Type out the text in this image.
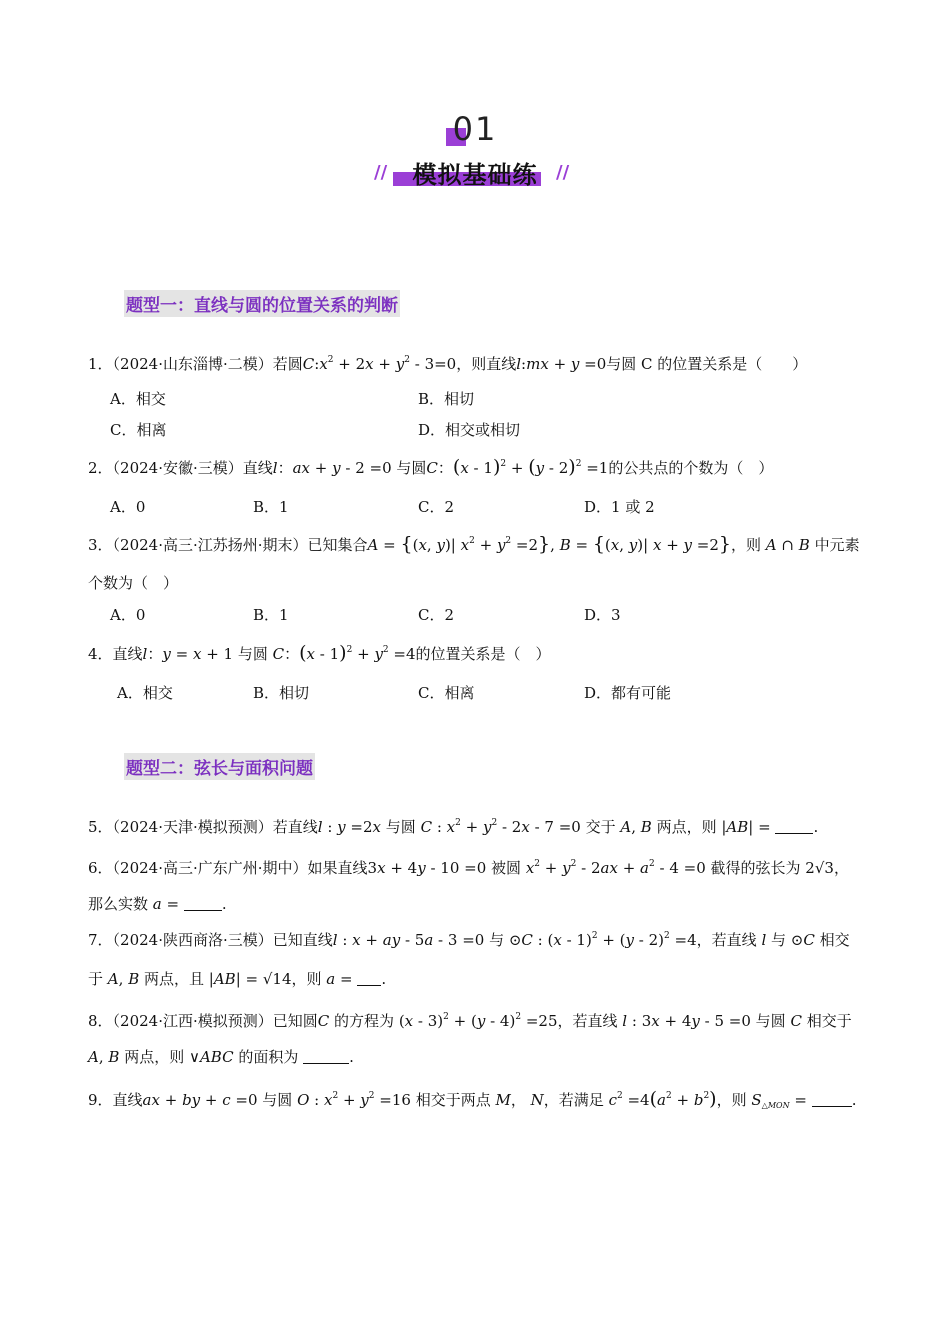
01
//	模拟基础练	//
题型一：直线与圆的位置关系的判断
1．（2024·山东淄博·二模）若圆$C:x^2 + 2x + y^2 - 3=0$，则直线l:mx + y =0与圆 C 的位置关系是（　　）
A．相交	B．相切
C．相离	D．相交或相切
2．（2024·安徽·三模）直线l：ax + y - 2 =0 与圆C：(x - 1)$^2$ + (y - 2)$^2$ =1的公共点的个数为（　）
A．0	B．1	C．2	D．1 或 2
3．（2024·高三·江苏扬州·期末）已知集合A = {(x, y)| $x^2 + y^2 =2$}, B = {(x, y)| x + y =2}，则 A ∩ B 中元素
个数为（　）
A．0	B．1	C．2	D．3
4．直线l：y = x + 1 与圆 C：$(x - 1)^2 + y^2 =4$的位置关系是（　）
A．相交	B．相切	C．相离	D．都有可能
题型二：弦长与面积问题
5．（2024·天津·模拟预测）若直线l : y =2x 与圆 C : $x^2 + y^2 - 2x - 7 =0$ 交于 A, B 两点，则 |AB| =	.
6．（2024·高三·广东广州·期中）如果直线3x + 4y - 10 =0 被圆 $x^2 + y^2 - 2ax + a^2 - 4 =0$ 截得的弦长为 2√3，
那么实数 a =	.
7．（2024·陕西商洛·三模）已知直线l : x + ay - 5a - 3 =0 与 ⊙C : (x - 1)$^2$ + (y - 2)$^2$ =4，若直线 l 与 ⊙C 相交
于 A, B 两点，且 |AB| = √14，则 a = .
8．（2024·江西·模拟预测）已知圆C 的方程为 (x - 3)$^2$ + (y - 4)$^2$ =25，若直线 l : 3x + 4y - 5 =0 与圆 C 相交于
A, B 两点，则 ∨ABC 的面积为	.
9．直线ax + by + c =0 与圆 O : $x^2 + y^2 =16$ 相交于两点 M， N，若满足 $c^2 =4(a^2 + b^2)$，则 $S_{\triangle MON}$ =	.
